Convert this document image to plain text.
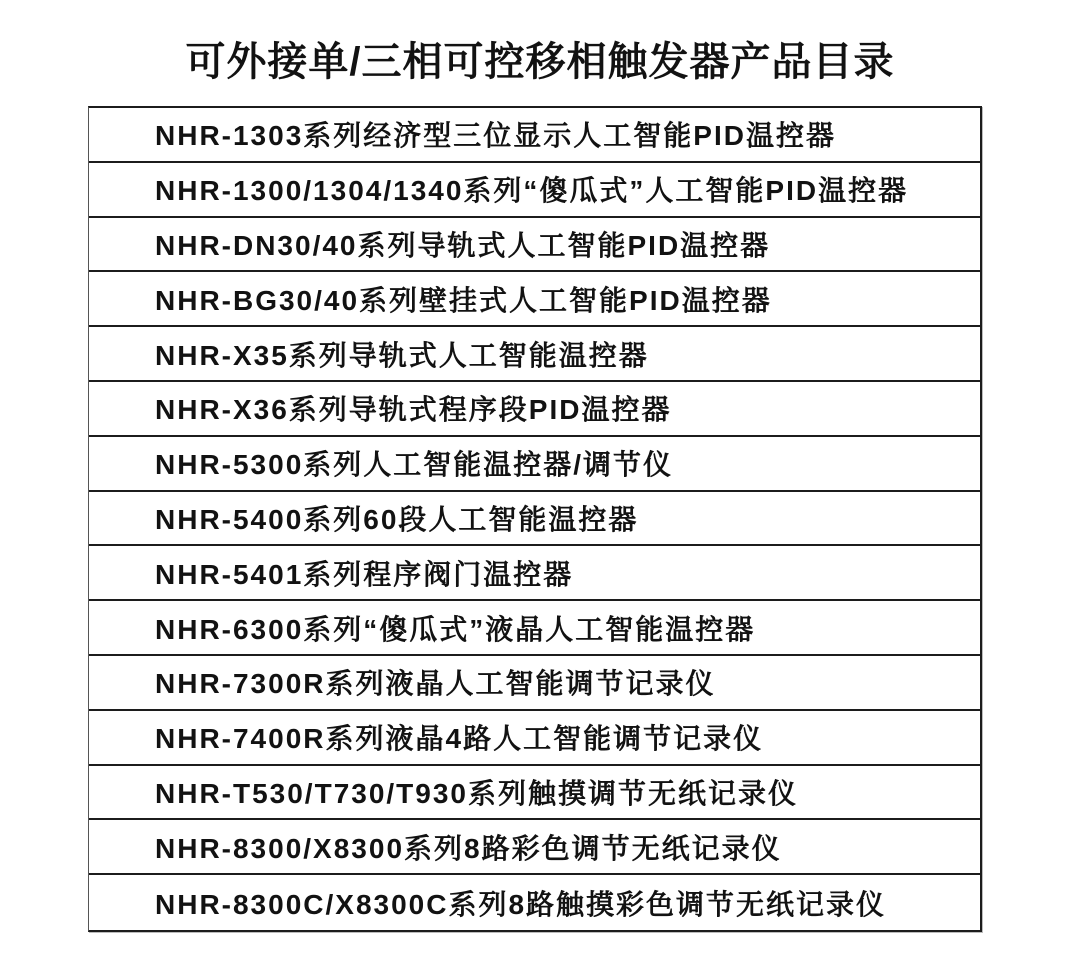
可外接单/三相可控移相触发器产品目录
NHR-1303系列经济型三位显示人工智能PID温控器
NHR-1300/1304/1340系列“傻瓜式”人工智能PID温控器
NHR-DN30/40系列导轨式人工智能PID温控器
NHR-BG30/40系列壁挂式人工智能PID温控器
NHR-X35系列导轨式人工智能温控器
NHR-X36系列导轨式程序段PID温控器
NHR-5300系列人工智能温控器/调节仪
NHR-5400系列60段人工智能温控器
NHR-5401系列程序阀门温控器
NHR-6300系列“傻瓜式”液晶人工智能温控器
NHR-7300R系列液晶人工智能调节记录仪
NHR-7400R系列液晶4路人工智能调节记录仪
NHR-T530/T730/T930系列触摸调节无纸记录仪
NHR-8300/X8300系列8路彩色调节无纸记录仪
NHR-8300C/X8300C系列8路触摸彩色调节无纸记录仪
